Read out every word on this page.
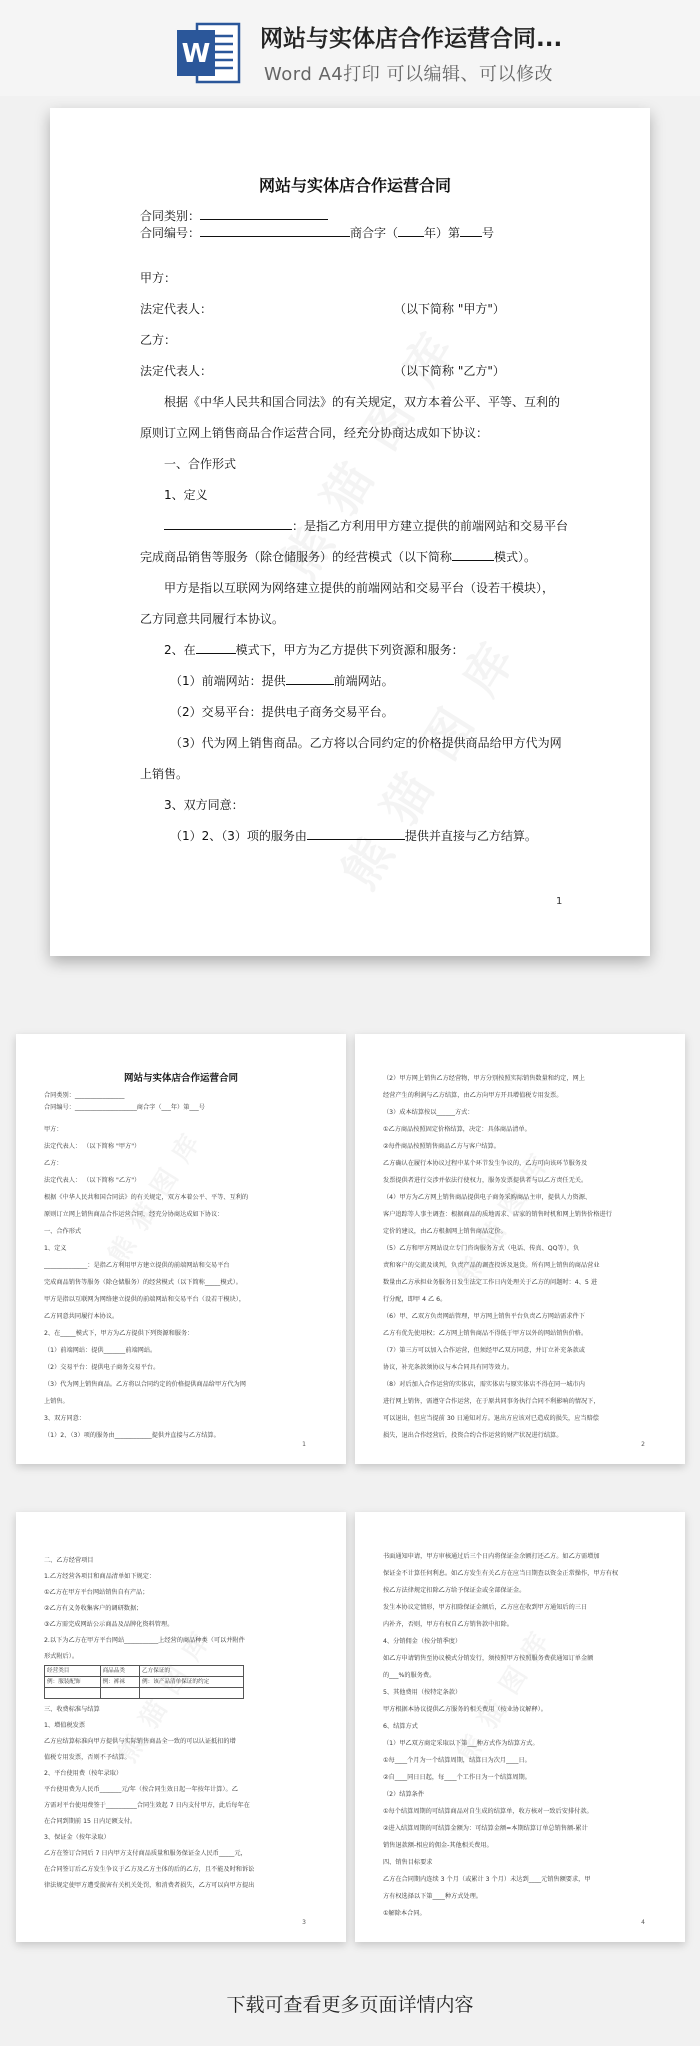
W 网站与实体店合作运营合同...
Word A4打印 可以编辑、可以修改
网站与实体店合作运营合同
合同类别：
合同编号：	商合字（ 年）第 号
甲方：
法定代表人：	（以下简称 "甲方"）
乙方：
法定代表人：	（以下简称 "乙方"）
根据《中华人民共和国合同法》的有关规定，双方本着公平、平等、互利的
原则订立网上销售商品合作运营合同，经充分协商达成如下协议：
一、合作形式
1、定义
：是指乙方利用甲方建立提供的前端网站和交易平台
完成商品销售等服务（除仓储服务）的经营模式（以下简称	模式）。
甲方是指以互联网为网络建立提供的前端网站和交易平台（设若干模块），
乙方同意共同履行本协议。
2、在	模式下，甲方为乙方提供下列资源和服务：
（1）前端网站：提供	前端网站。
（2）交易平台：提供电子商务交易平台。
（3）代为网上销售商品。乙方将以合同约定的价格提供商品给甲方代为网
上销售。
3、双方同意：
（1）2、（3）项的服务由	提供并直接与乙方结算。
1
网站与实体店合作运营合同
合同类别：________________
合同编号：____________________商合字（___年）第___号
甲方：
法定代表人： （以下简称 "甲方"）
乙方：
法定代表人： （以下简称 "乙方"）
根据《中华人民共和国合同法》的有关规定，双方本着公平、平等、互利的
原则订立网上销售商品合作运营合同，经充分协商达成如下协议：
一、合作形式
1、定义
______________：是指乙方利用甲方建立提供的前端网站和交易平台
完成商品销售等服务（除仓储服务）的经营模式（以下简称_____模式）。
甲方是指以互联网为网络建立提供的前端网站和交易平台（设若干模块），
乙方同意共同履行本协议。
2、在_____模式下，甲方为乙方提供下列资源和服务：
（1）前端网站：提供_______前端网站。
（2）交易平台：提供电子商务交易平台。
（3）代为网上销售商品。乙方将以合同约定的价格提供商品给甲方代为网
上销售。
3、双方同意：
（1）2、（3）项的服务由____________提供并直接与乙方结算。
1
（2）甲方网上销售乙方经营物，甲方分别按照实际销售数量和约定，网上
经营产生的利润与乙方结算，由乙方向甲方开具增值税专用发票。
（3）成本结算按以______方式：
①乙方商品按照固定价格结算，决定：具体商品清单。
②每件商品按照销售商品乙方与客户结算。
乙方确认在履行本协议过程中某个环节发生争议的，乙方可向该环节服务及
发票提供者进行交涉并依法行使权力，服务发票提供者与以乙方责任无关。
（4）甲方为乙方网上销售商品提供电子商务采购商品主审，提供人力资源、
客户追踪等人事主调查：根据商品的质地需求、店家的销售时机和网上销售价格进行
定价的建议，由乙方根据网上销售商品定价。
（5）乙方和甲方网站设立专门咨询服务方式（电话、传真、QQ等），负
责和客户的交流及谈判，负责产品的调查投诉及退货。所有网上销售的商品营业
数量由乙方承担业务服务日发生法定工作日内处理关于乙方的问题时：4、5 进
行分配，即甲 4 乙 6。
（6）甲、乙双方负责网站管理，甲方网上销售平台负责乙方网站需求件下
乙方有优先使用权；乙方网上销售商品不得低于甲方以外的网站销售价格。
（7）第三方可以加入合作运营，但须经甲乙双方同意，并订立补充条款或
协议，补充条款须协议与本合同具有同等效力。
（8）对后加入合作运营的实体店，需实体店与原实体店不得在同一城市内
进行网上销售，需遵守合作运营，在于原共同事务执行合同不利影响的情况下，
可以退出，但应当提前 30 日通知对方。退出方应该对已造成的损失，应当赔偿
损失，退出合作经营后，投资合约合作运营的财产状况进行结算。
2
二、乙方经营项目
1.乙方经营各项目和商品清单如下规定：
①乙方在甲方平台网站销售自有产品；
②乙方有义务收集客户的调研数据；
③乙方需完成网站公示商品及品牌化资料管理。
2.以下为乙方在甲方平台网站___________上经营的商品种类（可以并附件
形式附后）。
经营类目	商品品类	乙方保证的
例：服装配饰	例：裤袜	例：该产品清单保证的约定

三、收费标准与结算
1、增值税发票
乙方应结算标准向甲方提供与实际销售商品全一致的可以认证抵扣的增
值税专用发票，否则不予结算。
2、平台使用费（按年录取）
平台使用费为人民币_______元/年（按合同生效日起一年按年计算）。乙
方需对平台使用费签于__________合同生效起 7 日内支付甲方，此后每年在
在合同到期前 15 日内足额支付。
3、保证金（按年录取）
乙方在签订合同后 7 日内甲方支付商品质量和服务保证金人民币_____元，
在合同签订后乙方发生争议于乙方及乙方主体的后的乙方，且不能及时和诉讼
律法规定使甲方遭受损害有关机关处罚，和消费者损失，乙方可以向甲方提出
3
书面通知申请，甲方审核通过后三个日内将保证金余额打还乙方。如乙方需增加
保证金不计算任何利息。如乙方发生有关乙方在应当日期查以资金正常操作，甲方有权
按乙方法律规定扣除乙方给予保证金或全部保证金。
发生本协议定情形，甲方扣除保证金额后，乙方应在收到甲方通知后的三日
内补齐，否则，甲方有权自乙方销售款中扣除。
4、分销佣金（按分销季度）
如乙方申请销售至协议模式分销发行，须按照甲方按照服务费获通知订单金额
的___%的服务费。
5、其他费用（按特定条款）
甲方根据本协议提供乙方服务的相关费用（按业协议解释）。
6、结算方式
（1）甲乙双方商定采取以下第___种方式作为结算方式。
①每____个月为一个结算周期，结算日为次月____日。
②自____同日日起，每____个工作日为一个结算周期。
（2）结算条件
①每个结算周期的可结算商品对自生成的结算单，收方核对一致后安排付款。
②进入结算周期的可结算金额为：可结算金额=本期结算订单总销售额-累计
销售退款额-相应的佣金-其他相关费用。
四、销售目标要求
乙方在合同期内连续 3 个月（或累计 3 个月）未达到____元销售额要求，甲
方有权选择以下第____种方式处理。
①解除本合同。
4
下载可查看更多页面详情内容
